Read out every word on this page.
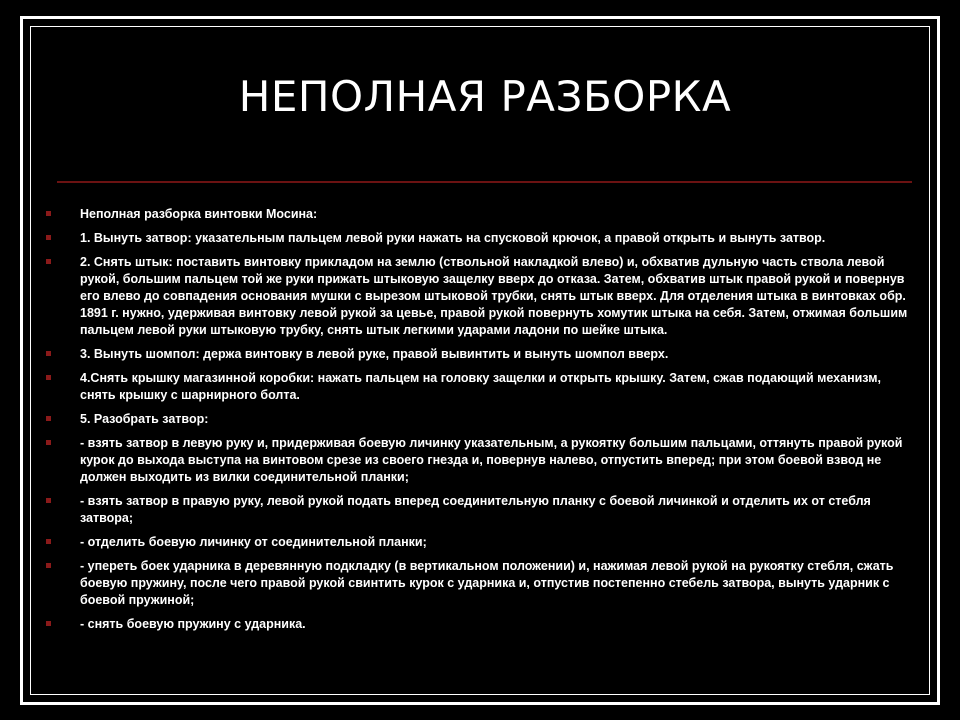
НЕПОЛНАЯ РАЗБОРКА
Неполная разборка винтовки Мосина:
1. Вынуть затвор: указательным пальцем левой руки нажать на спусковой крючок, а правой открыть и вынуть затвор.
2. Снять штык: поставить винтовку прикладом на землю (ствольной накладкой влево) и, обхватив дульную часть ствола левой рукой, большим пальцем той же руки прижать штыковую защелку вверх до отказа. Затем, обхватив штык правой рукой и повернув его влево до совпадения основания мушки с вырезом штыковой трубки, снять штык вверх. Для отделения штыка в винтовках обр. 1891 г. нужно, удерживая винтовку левой рукой за цевье, правой рукой повернуть хомутик штыка на себя. Затем, отжимая большим пальцем левой руки штыковую трубку, снять штык легкими ударами ладони по шейке штыка.
3. Вынуть шомпол: держа винтовку в левой руке, правой вывинтить и вынуть шомпол вверх.
4.Снять крышку магазинной коробки: нажать пальцем на головку защелки и открыть крышку. Затем, сжав подающий механизм, снять крышку с шарнирного болта.
5. Разобрать затвор:
- взять затвор в левую руку и, придерживая боевую личинку указательным, а рукоятку большим пальцами, оттянуть правой рукой курок до выхода выступа на винтовом срезе из своего гнезда и, повернув налево, отпустить вперед; при этом боевой взвод не должен выходить из вилки соединительной планки;
- взять затвор в правую руку, левой рукой подать вперед соединительную планку с боевой личинкой и отделить их от стебля затвора;
- отделить боевую личинку от соединительной планки;
- упереть боек ударника в деревянную подкладку (в вертикальном положении) и, нажимая левой рукой на рукоятку стебля, сжать боевую пружину, после чего правой рукой свинтить курок с ударника и, отпустив постепенно стебель затвора, вынуть ударник с боевой пружиной;
- снять боевую пружину с ударника.
